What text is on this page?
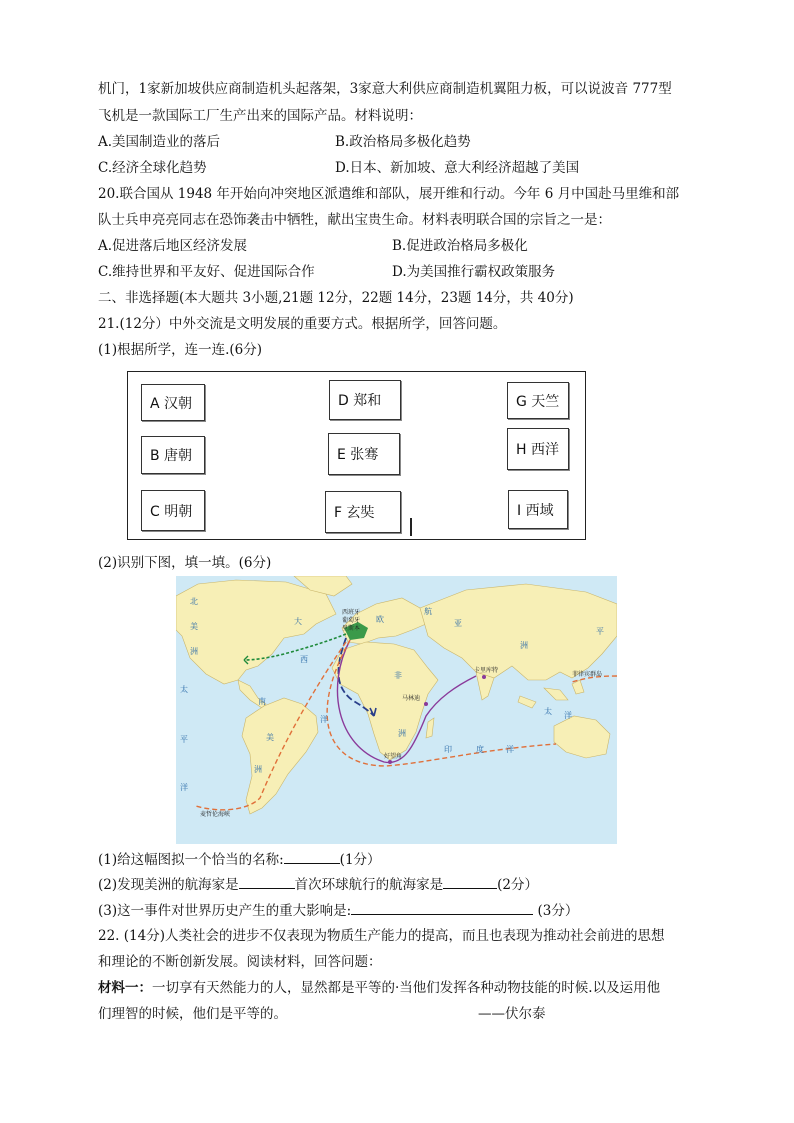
机门，1家新加坡供应商制造机头起落架，3家意大利供应商制造机翼阻力板，可以说波音 777型
飞机是一款国际工厂生产出来的国际产品。材料说明：
A.美国制造业的落后	B.政治格局多极化趋势
C.经济全球化趋势	D.日本、新加坡、意大利经济超越了美国
20.联合国从 1948 年开始向冲突地区派遣维和部队，展开维和行动。今年 6 月中国赴马里维和部
队士兵申亮亮同志在恐饰袭击中牺牲，献出宝贵生命。材料表明联合国的宗旨之一是：
A.促进落后地区经济发展	B.促进政治格局多极化
C.维持世界和平友好、促进国际合作	D.为美国推行霸权政策服务
二、非选择题(本大题共 3小题,21题 12分，22题 14分，23题 14分，共 40分)
21.(12分）中外交流是文明发展的重要方式。根据所学，回答问题。
(1)根据所学，连一连.(6分)
A 汉朝
B 唐朝
C 明朝
D 郑和
E 张骞
F 玄奘
G 天竺
H 西洋
I 西域
(2)识别下图，填一填。(6分)
北
美
洲
大
西
洋
太
平
洋
南
美
洲
欧
航
亚
洲
非
洲
印	度	洋
太
平
洋
西班牙
葡萄牙
里斯本
卡里库特
马林迪
菲律宾群岛
好望角
麦哲伦海峡
(1)给这幅图拟一个恰当的名称:	(1分）
(2)发现美洲的航海家是	首次环球航行的航海家是	(2分）
(3)这一事件对世界历史产生的重大影响是:	(3分）
22. (14分)人类社会的进步不仅表现为物质生产能力的提高，而且也表现为推动社会前进的思想
和理论的不断创新发展。阅读材料，回答问题：
材料一：一切享有天然能力的人，显然都是平等的·当他们发挥各种动物技能的时候.以及运用他
们理智的时候，他们是平等的。	——伏尔泰
